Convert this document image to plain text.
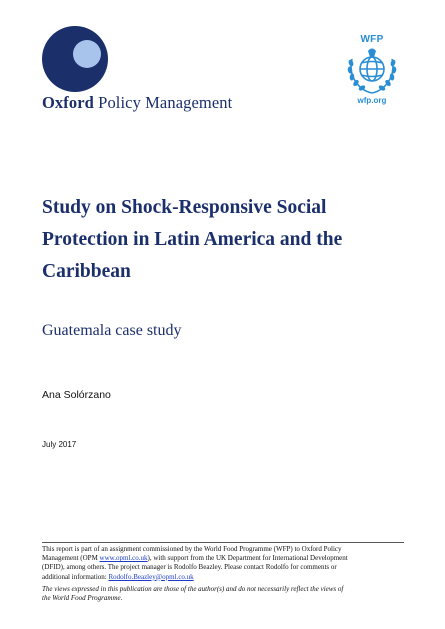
Oxford Policy Management
WFP
wfp.org
Study on Shock-Responsive Social
Protection in Latin America and the
Caribbean
Guatemala case study
Ana Solórzano
July 2017

This report is part of an assignment commissioned by the World Food Programme (WFP) to Oxford Policy

Management (OPM www.opml.co.uk), with support from the UK Department for International Development

(DFID), among others. The project manager is Rodolfo Beazley. Please contact Rodolfo for comments or

additional information: Rodolfo.Beazley@opml.co.uk

The views expressed in this publication are those of the author(s) and do not necessarily reflect the views of

the World Food Programme.
